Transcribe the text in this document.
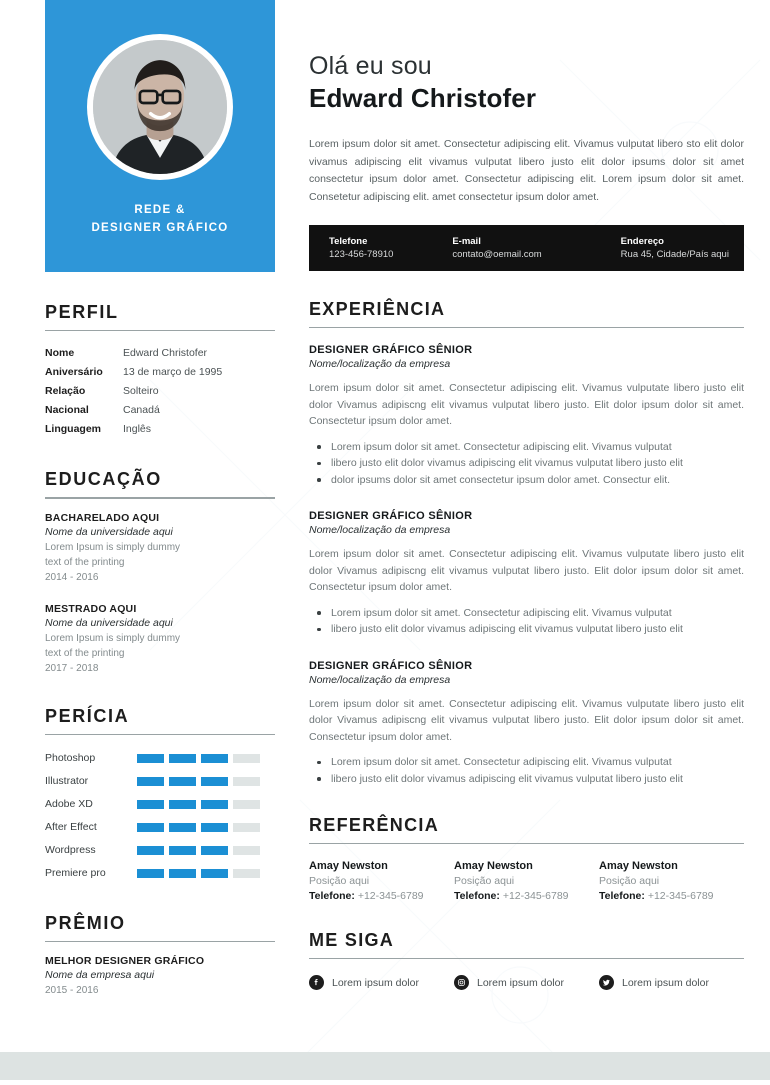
REDE &
DESIGNER GRÁFICO
PERFIL
Nome	Edward Christofer
Aniversário	13 de março de 1995
Relação	Solteiro
Nacional	Canadá
Linguagem	Inglês
EDUCAÇÃO
BACHARELADO AQUI
Nome da universidade aqui
Lorem Ipsum is simply dummy
text of the printing
2014 - 2016
MESTRADO AQUI
Nome da universidade aqui
Lorem Ipsum is simply dummy
text of the printing
2017 - 2018
PERÍCIA
Photoshop
Illustrator
Adobe XD
After Effect
Wordpress
Premiere pro
PRÊMIO
MELHOR DESIGNER GRÁFICO
Nome da empresa aqui
2015 - 2016
Olá eu sou
Edward Christofer
Lorem ipsum dolor sit amet. Consectetur adipiscing elit. Vivamus vulputat libero sto elit dolor vivamus adipiscing elit vivamus vulputat libero justo elit dolor ipsums dolor sit amet consectetur ipsum dolor amet. Consectetur adipiscing elit. Lorem ipsum dolor sit amet. Consetetur adipiscing elit. amet consectetur ipsum dolor amet.
Telefone
123-456-78910
E-mail
contato@oemail.com
Endereço
Rua 45, Cidade/País aqui
EXPERIÊNCIA
DESIGNER GRÁFICO SÊNIOR
Nome/localização da empresa
Lorem ipsum dolor sit amet. Consectetur adipiscing elit. Vivamus vulputate libero justo elit dolor Vivamus adipiscng elit vivamus vulputat libero justo. Elit dolor ipsum dolor sit amet. Consectetur ipsum dolor amet.
Lorem ipsum dolor sit amet. Consectetur adipiscing elit. Vivamus vulputat
libero justo elit dolor vivamus adipiscing elit vivamus vulputat libero justo elit
dolor ipsums dolor sit amet consectetur ipsum dolor amet. Consectur elit.
DESIGNER GRÁFICO SÊNIOR
Nome/localização da empresa
Lorem ipsum dolor sit amet. Consectetur adipiscing elit. Vivamus vulputate libero justo elit dolor Vivamus adipiscng elit vivamus vulputat libero justo. Elit dolor ipsum dolor sit amet. Consectetur ipsum dolor amet.
Lorem ipsum dolor sit amet. Consectetur adipiscing elit. Vivamus vulputat
libero justo elit dolor vivamus adipiscing elit vivamus vulputat libero justo elit
DESIGNER GRÁFICO SÊNIOR
Nome/localização da empresa
Lorem ipsum dolor sit amet. Consectetur adipiscing elit. Vivamus vulputate libero justo elit dolor Vivamus adipiscng elit vivamus vulputat libero justo. Elit dolor ipsum dolor sit amet. Consectetur ipsum dolor amet.
Lorem ipsum dolor sit amet. Consectetur adipiscing elit. Vivamus vulputat
libero justo elit dolor vivamus adipiscing elit vivamus vulputat libero justo elit
REFERÊNCIA
Amay Newston
Posição aqui
Telefone: +12-345-6789
Amay Newston
Posição aqui
Telefone: +12-345-6789
Amay Newston
Posição aqui
Telefone: +12-345-6789
ME SIGA
Lorem ipsum dolor	Lorem ipsum dolor	Lorem ipsum dolor
